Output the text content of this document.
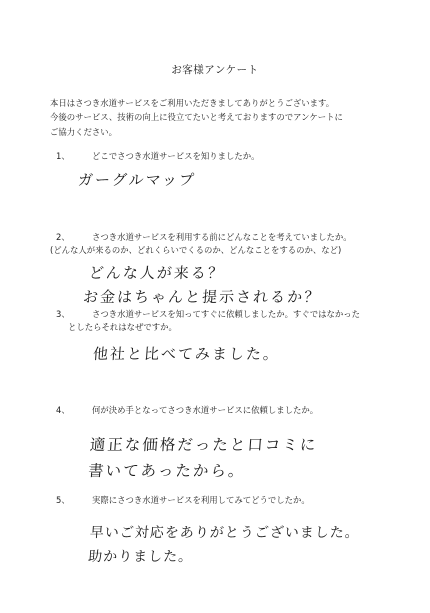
お客様アンケート
本日はさつき水道サービスをご利用いただきましてありがとうございます。
今後のサービス、技術の向上に役立てたいと考えておりますのでアンケートに
ご協力ください。
1、	どこでさつき水道サービスを知りましたか。
ガーグルマップ
2、	さつき水道サービスを利用する前にどんなことを考えていましたか。
(どんな人が来るのか、どれくらいでくるのか、どんなことをするのか、など)
どんな人が来る？
お金はちゃんと提示されるか？
3、	さつき水道サービスを知ってすぐに依頼しましたか。すぐではなかった
としたらそれはなぜですか。
他社と比べてみました。
4、	何が決め手となってさつき水道サービスに依頼しましたか。
適正な価格だったと口コミに
書いてあったから。
5、	実際にさつき水道サービスを利用してみてどうでしたか。
早いご対応をありがとうございました。
助かりました。
